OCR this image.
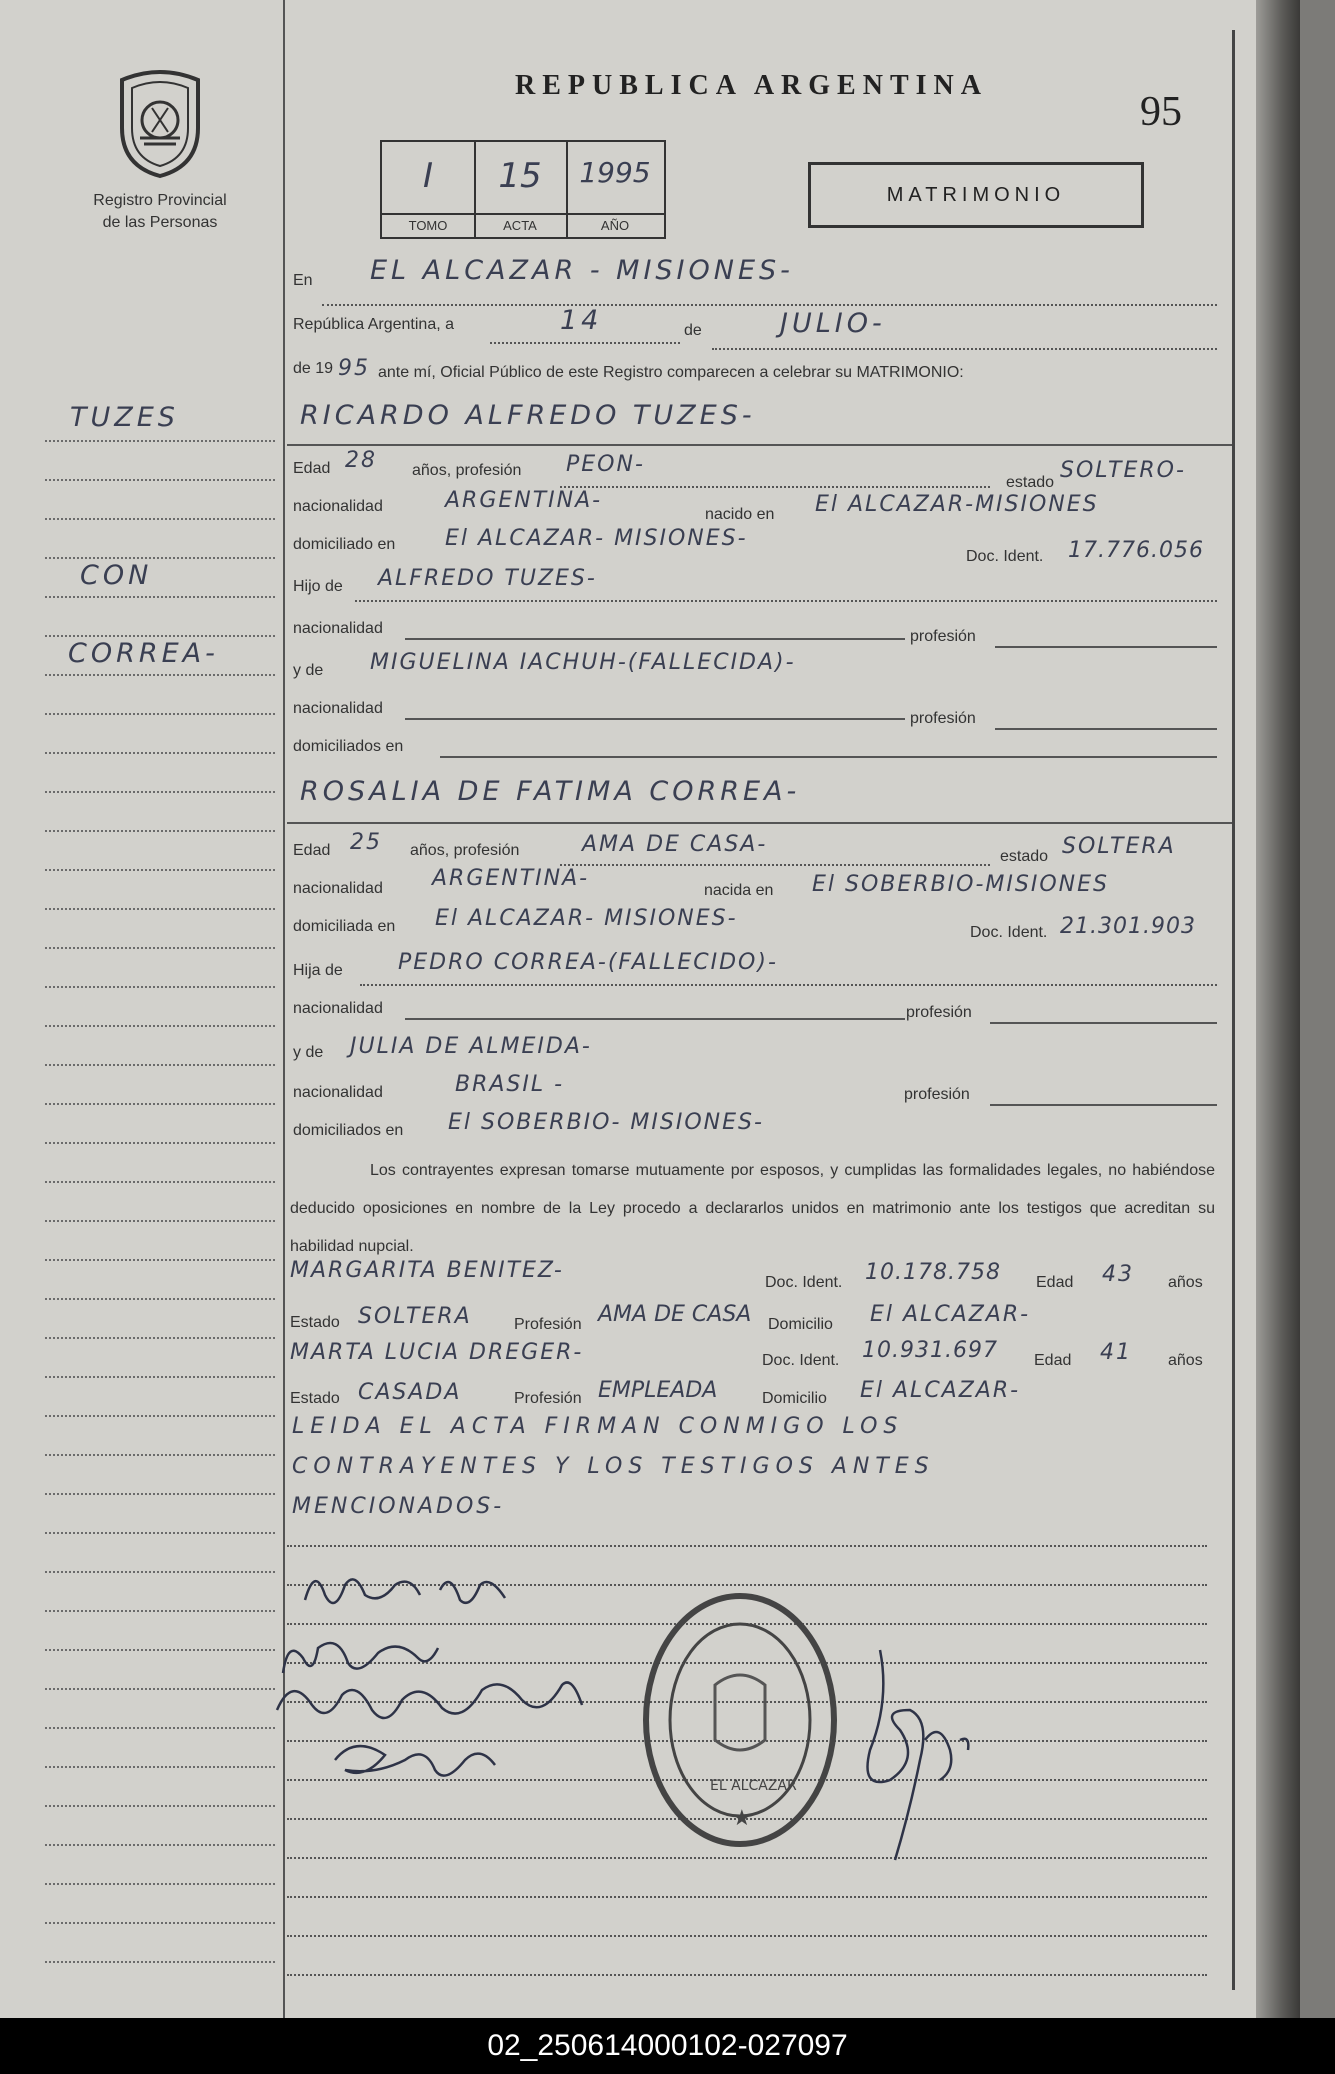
Registro Provincial
de las Personas
REPUBLICA ARGENTINA
95
I
TOMO
15
ACTA
1995
AÑO
MATRIMONIO
TUZES
CON
CORREA-
En EL ALCAZAR - MISIONES-
República Argentina, a	14	de	JULIO-
de 19 95 ante mí, Oficial Público de este Registro comparecen a celebrar su MATRIMONIO:
RICARDO ALFREDO TUZES-
Edad 28 años, profesión PEON-
estado SOLTERO-
nacionalidad	ARGENTINA-
nacido en El ALCAZAR-MISIONES
domiciliado en El ALCAZAR- MISIONES-
Doc. Ident. 17.776.056
Hijo de ALFREDO TUZES-
nacionalidad	profesión
y de MIGUELINA IACHUH-(FALLECIDA)-
nacionalidad
profesión
domiciliados en
ROSALIA DE FATIMA CORREA-
Edad 25 años, profesión	AMA DE CASA-	estado SOLTERA
nacionalidad ARGENTINA-	nacida en El SOBERBIO-MISIONES
domiciliada en El ALCAZAR- MISIONES-
Doc. Ident. 21.301.903
Hija de	PEDRO CORREA-(FALLECIDO)-
nacionalidad	profesión
y de JULIA DE ALMEIDA-
nacionalidad	BRASIL -	profesión
domiciliados en El SOBERBIO- MISIONES-
Los contrayentes expresan tomarse mutuamente por esposos, y cumplidas las formalidades legales, no habiéndose deducido oposiciones en nombre de la Ley procedo a declararlos unidos en matrimonio ante los testigos que acreditan su habilidad nupcial.
MARGARITA BENITEZ-	Doc. Ident. 10.178.758 Edad 43 años
Estado SOLTERA	Profesión AMA DE CASA Domicilio El ALCAZAR-
MARTA LUCIA DREGER-	Doc. Ident. 10.931.697 Edad 41 años
Estado CASADA	Profesión EMPLEADA	Domicilio El ALCAZAR-
LEIDA EL ACTA FIRMAN CONMIGO LOS
CONTRAYENTES Y LOS TESTIGOS ANTES
MENCIONADOS-
EL ALCAZAR
★
02_250614000102-027097
